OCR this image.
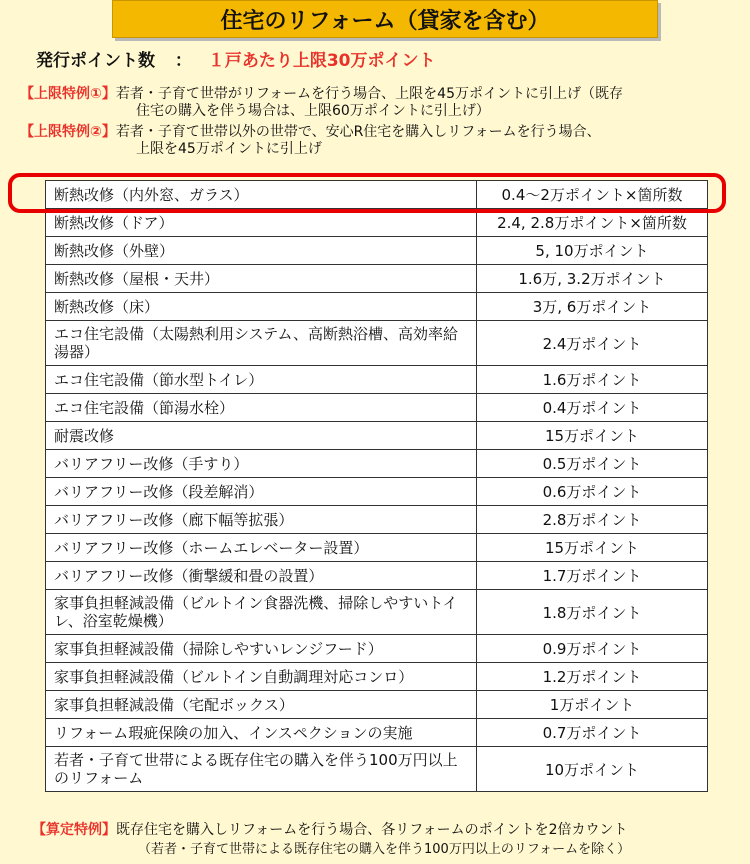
住宅のリフォーム（貸家を含む）
発行ポイント数 ： １戸あたり上限30万ポイント
【上限特例①】若者・子育て世帯がリフォームを行う場合、上限を45万ポイントに引上げ（既存
住宅の購入を伴う場合は、上限60万ポイントに引上げ）
【上限特例②】若者・子育て世帯以外の世帯で、安心R住宅を購入しリフォームを行う場合、
上限を45万ポイントに引上げ
断熱改修（内外窓、ガラス）	0.4～2万ポイント×箇所数
断熱改修（ドア）	2.4, 2.8万ポイント×箇所数
断熱改修（外壁）	5, 10万ポイント
断熱改修（屋根・天井）	1.6万, 3.2万ポイント
断熱改修（床）	3万, 6万ポイント
エコ住宅設備（太陽熱利用システム、高断熱浴槽、高効率給湯器）	2.4万ポイント
エコ住宅設備（節水型トイレ）	1.6万ポイント
エコ住宅設備（節湯水栓）	0.4万ポイント
耐震改修	15万ポイント
バリアフリー改修（手すり）	0.5万ポイント
バリアフリー改修（段差解消）	0.6万ポイント
バリアフリー改修（廊下幅等拡張）	2.8万ポイント
バリアフリー改修（ホームエレベーター設置）	15万ポイント
バリアフリー改修（衝撃緩和畳の設置）	1.7万ポイント
家事負担軽減設備（ビルトイン食器洗機、掃除しやすいトイレ、浴室乾燥機）	1.8万ポイント
家事負担軽減設備（掃除しやすいレンジフード）	0.9万ポイント
家事負担軽減設備（ビルトイン自動調理対応コンロ）	1.2万ポイント
家事負担軽減設備（宅配ボックス）	1万ポイント
リフォーム瑕疵保険の加入、インスペクションの実施	0.7万ポイント
若者・子育て世帯による既存住宅の購入を伴う100万円以上のリフォーム	10万ポイント
【算定特例】既存住宅を購入しリフォームを行う場合、各リフォームのポイントを2倍カウント
（若者・子育て世帯による既存住宅の購入を伴う100万円以上のリフォームを除く）
